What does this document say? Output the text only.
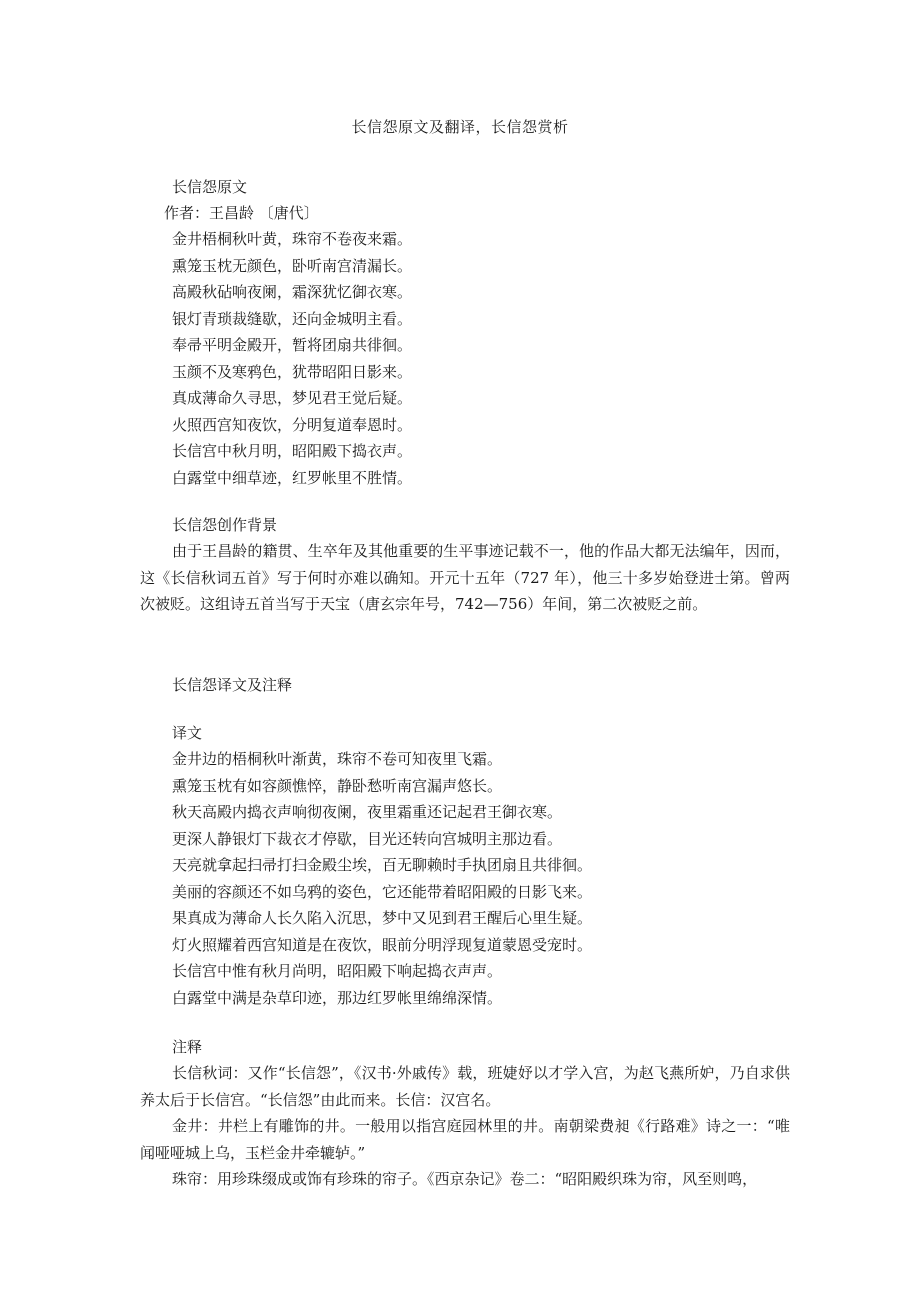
长信怨原文及翻译，长信怨赏析
长信怨原文
作者：王昌龄 〔唐代〕
金井梧桐秋叶黄，珠帘不卷夜来霜。
熏笼玉枕无颜色，卧听南宫清漏长。
高殿秋砧响夜阑，霜深犹忆御衣寒。
银灯青琐裁缝歇，还向金城明主看。
奉帚平明金殿开，暂将团扇共徘徊。
玉颜不及寒鸦色，犹带昭阳日影来。
真成薄命久寻思，梦见君王觉后疑。
火照西宫知夜饮，分明复道奉恩时。
长信宫中秋月明，昭阳殿下捣衣声。
白露堂中细草迹，红罗帐里不胜情。
长信怨创作背景
由于王昌龄的籍贯、生卒年及其他重要的生平事迹记载不一，他的作品大都无法编年，因而，这《长信秋词五首》写于何时亦难以确知。开元十五年（727 年），他三十多岁始登进士第。曾两次被贬。这组诗五首当写于天宝（唐玄宗年号，742—756）年间，第二次被贬之前。
长信怨译文及注释
译文
金井边的梧桐秋叶渐黄，珠帘不卷可知夜里飞霜。
熏笼玉枕有如容颜憔悴，静卧愁听南宫漏声悠长。
秋天高殿内捣衣声响彻夜阑，夜里霜重还记起君王御衣寒。
更深人静银灯下裁衣才停歇，目光还转向宫城明主那边看。
天亮就拿起扫帚打扫金殿尘埃，百无聊赖时手执团扇且共徘徊。
美丽的容颜还不如乌鸦的姿色，它还能带着昭阳殿的日影飞来。
果真成为薄命人长久陷入沉思，梦中又见到君王醒后心里生疑。
灯火照耀着西宫知道是在夜饮，眼前分明浮现复道蒙恩受宠时。
长信宫中惟有秋月尚明，昭阳殿下响起捣衣声声。
白露堂中满是杂草印迹，那边红罗帐里绵绵深情。
注释

长信秋词：又作“长信怨”，《汉书·外戚传》载，班婕妤以才学入宫，为赵飞燕所妒，乃自求供养太后于长信宫。“长信怨”由此而来。长信：汉宫名。

金井：井栏上有雕饰的井。一般用以指宫庭园林里的井。南朝梁费昶《行路难》诗之一：“唯闻哑哑城上乌，玉栏金井牵辘轳。”

珠帘：用珍珠缀成或饰有珍珠的帘子。《西京杂记》卷二：“昭阳殿织珠为帘，风至则鸣，
